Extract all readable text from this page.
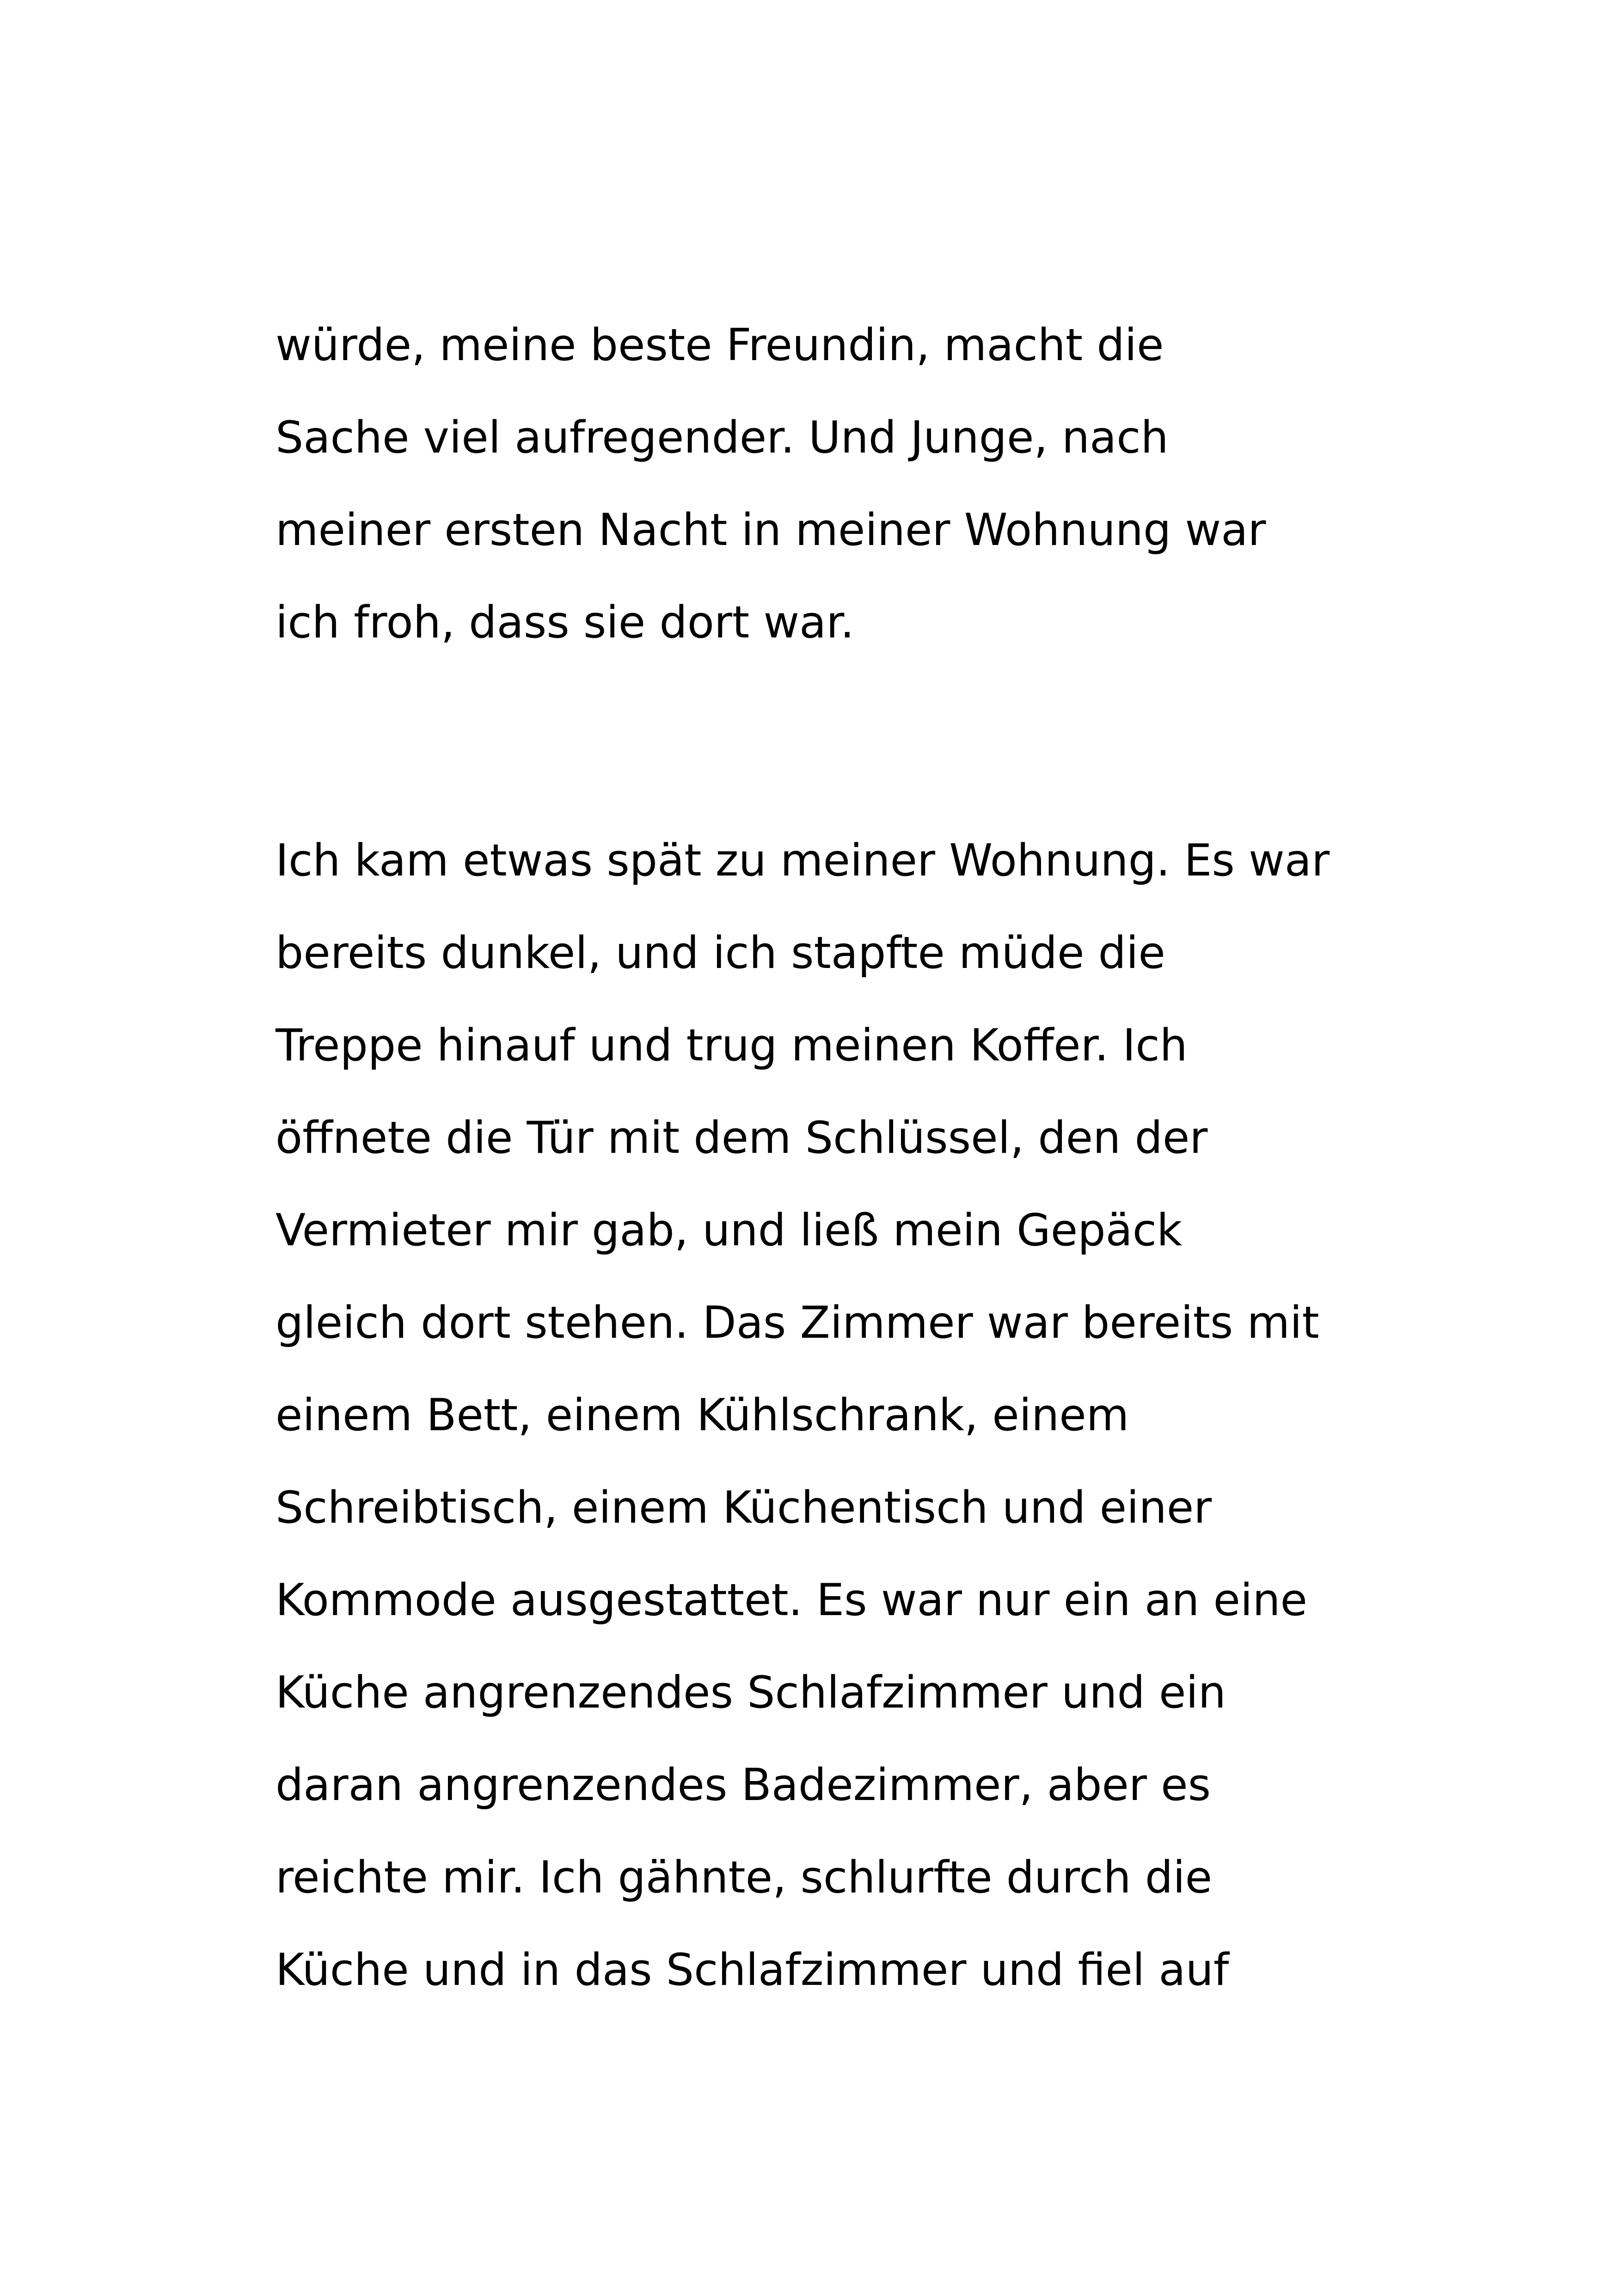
würde, meine beste Freundin, macht die
Sache viel aufregender. Und Junge, nach
meiner ersten Nacht in meiner Wohnung war
ich froh, dass sie dort war.
Ich kam etwas spät zu meiner Wohnung. Es war
bereits dunkel, und ich stapfte müde die
Treppe hinauf und trug meinen Koffer. Ich
öffnete die Tür mit dem Schlüssel, den der
Vermieter mir gab, und ließ mein Gepäck
gleich dort stehen. Das Zimmer war bereits mit
einem Bett, einem Kühlschrank, einem
Schreibtisch, einem Küchentisch und einer
Kommode ausgestattet. Es war nur ein an eine
Küche angrenzendes Schlafzimmer und ein
daran angrenzendes Badezimmer, aber es
reichte mir. Ich gähnte, schlurfte durch die
Küche und in das Schlafzimmer und fiel auf
